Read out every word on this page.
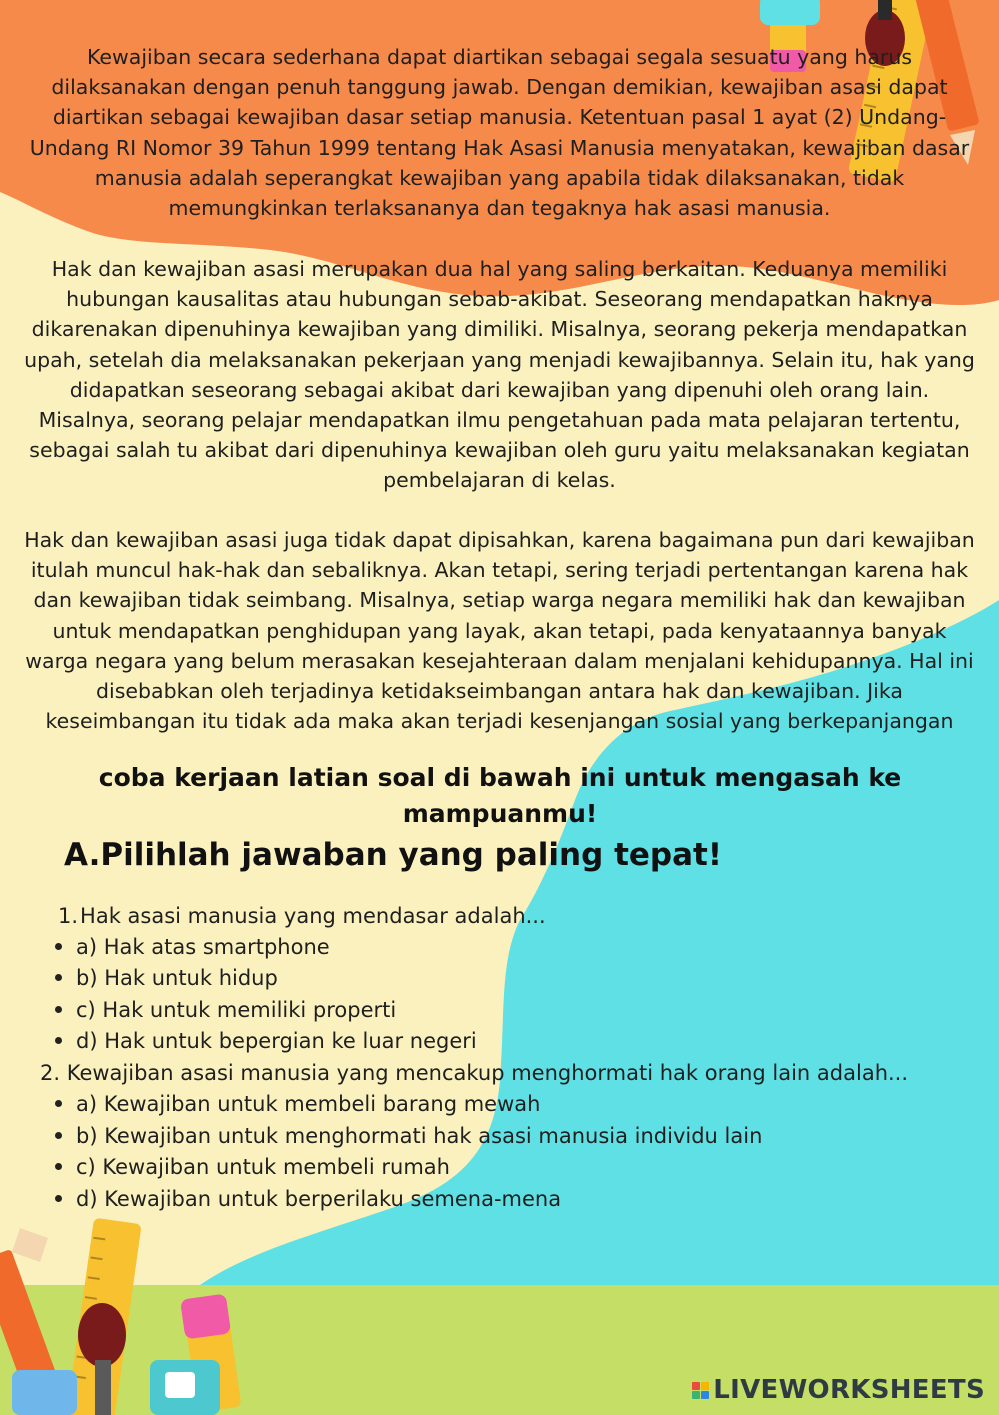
Kewajiban secara sederhana dapat diartikan sebagai segala sesuatu yang harus dilaksanakan dengan penuh tanggung jawab. Dengan demikian, kewajiban asasi dapat diartikan sebagai kewajiban dasar setiap manusia. Ketentuan pasal 1 ayat (2) Undang-Undang RI Nomor 39 Tahun 1999 tentang Hak Asasi Manusia menyatakan, kewajiban dasar manusia adalah seperangkat kewajiban yang apabila tidak dilaksanakan, tidak memungkinkan terlaksananya dan tegaknya hak asasi manusia.

Hak dan kewajiban asasi merupakan dua hal yang saling berkaitan. Keduanya memiliki hubungan kausalitas atau hubungan sebab-akibat. Seseorang mendapatkan haknya dikarenakan dipenuhinya kewajiban yang dimiliki. Misalnya, seorang pekerja mendapatkan upah, setelah dia melaksanakan pekerjaan yang menjadi kewajibannya. Selain itu, hak yang didapatkan seseorang sebagai akibat dari kewajiban yang dipenuhi oleh orang lain. Misalnya, seorang pelajar mendapatkan ilmu pengetahuan pada mata pelajaran tertentu, sebagai salah tu akibat dari dipenuhinya kewajiban oleh guru yaitu melaksanakan kegiatan pembelajaran di kelas.

Hak dan kewajiban asasi juga tidak dapat dipisahkan, karena bagaimana pun dari kewajiban itulah muncul hak-hak dan sebaliknya. Akan tetapi, sering terjadi pertentangan karena hak dan kewajiban tidak seimbang. Misalnya, setiap warga negara memiliki hak dan kewajiban untuk mendapatkan penghidupan yang layak, akan tetapi, pada kenyataannya banyak warga negara yang belum merasakan kesejahteraan dalam menjalani kehidupannya. Hal ini disebabkan oleh terjadinya ketidakseimbangan antara hak dan kewajiban. Jika keseimbangan itu tidak ada maka akan terjadi kesenjangan sosial yang berkepanjangan

coba kerjaan latian soal di bawah ini untuk mengasah ke mampuanmu!

A.Pilihlah jawaban yang paling tepat!

1.Hak asasi manusia yang mendasar adalah...

a) Hak atas smartphone

b) Hak untuk hidup

c) Hak untuk memiliki properti

d) Hak untuk bepergian ke luar negeri

2. Kewajiban asasi manusia yang mencakup menghormati hak orang lain adalah...

a) Kewajiban untuk membeli barang mewah

b) Kewajiban untuk menghormati hak asasi manusia individu lain

c) Kewajiban untuk membeli rumah

d) Kewajiban untuk berperilaku semena-mena

LIVEWORKSHEETS
